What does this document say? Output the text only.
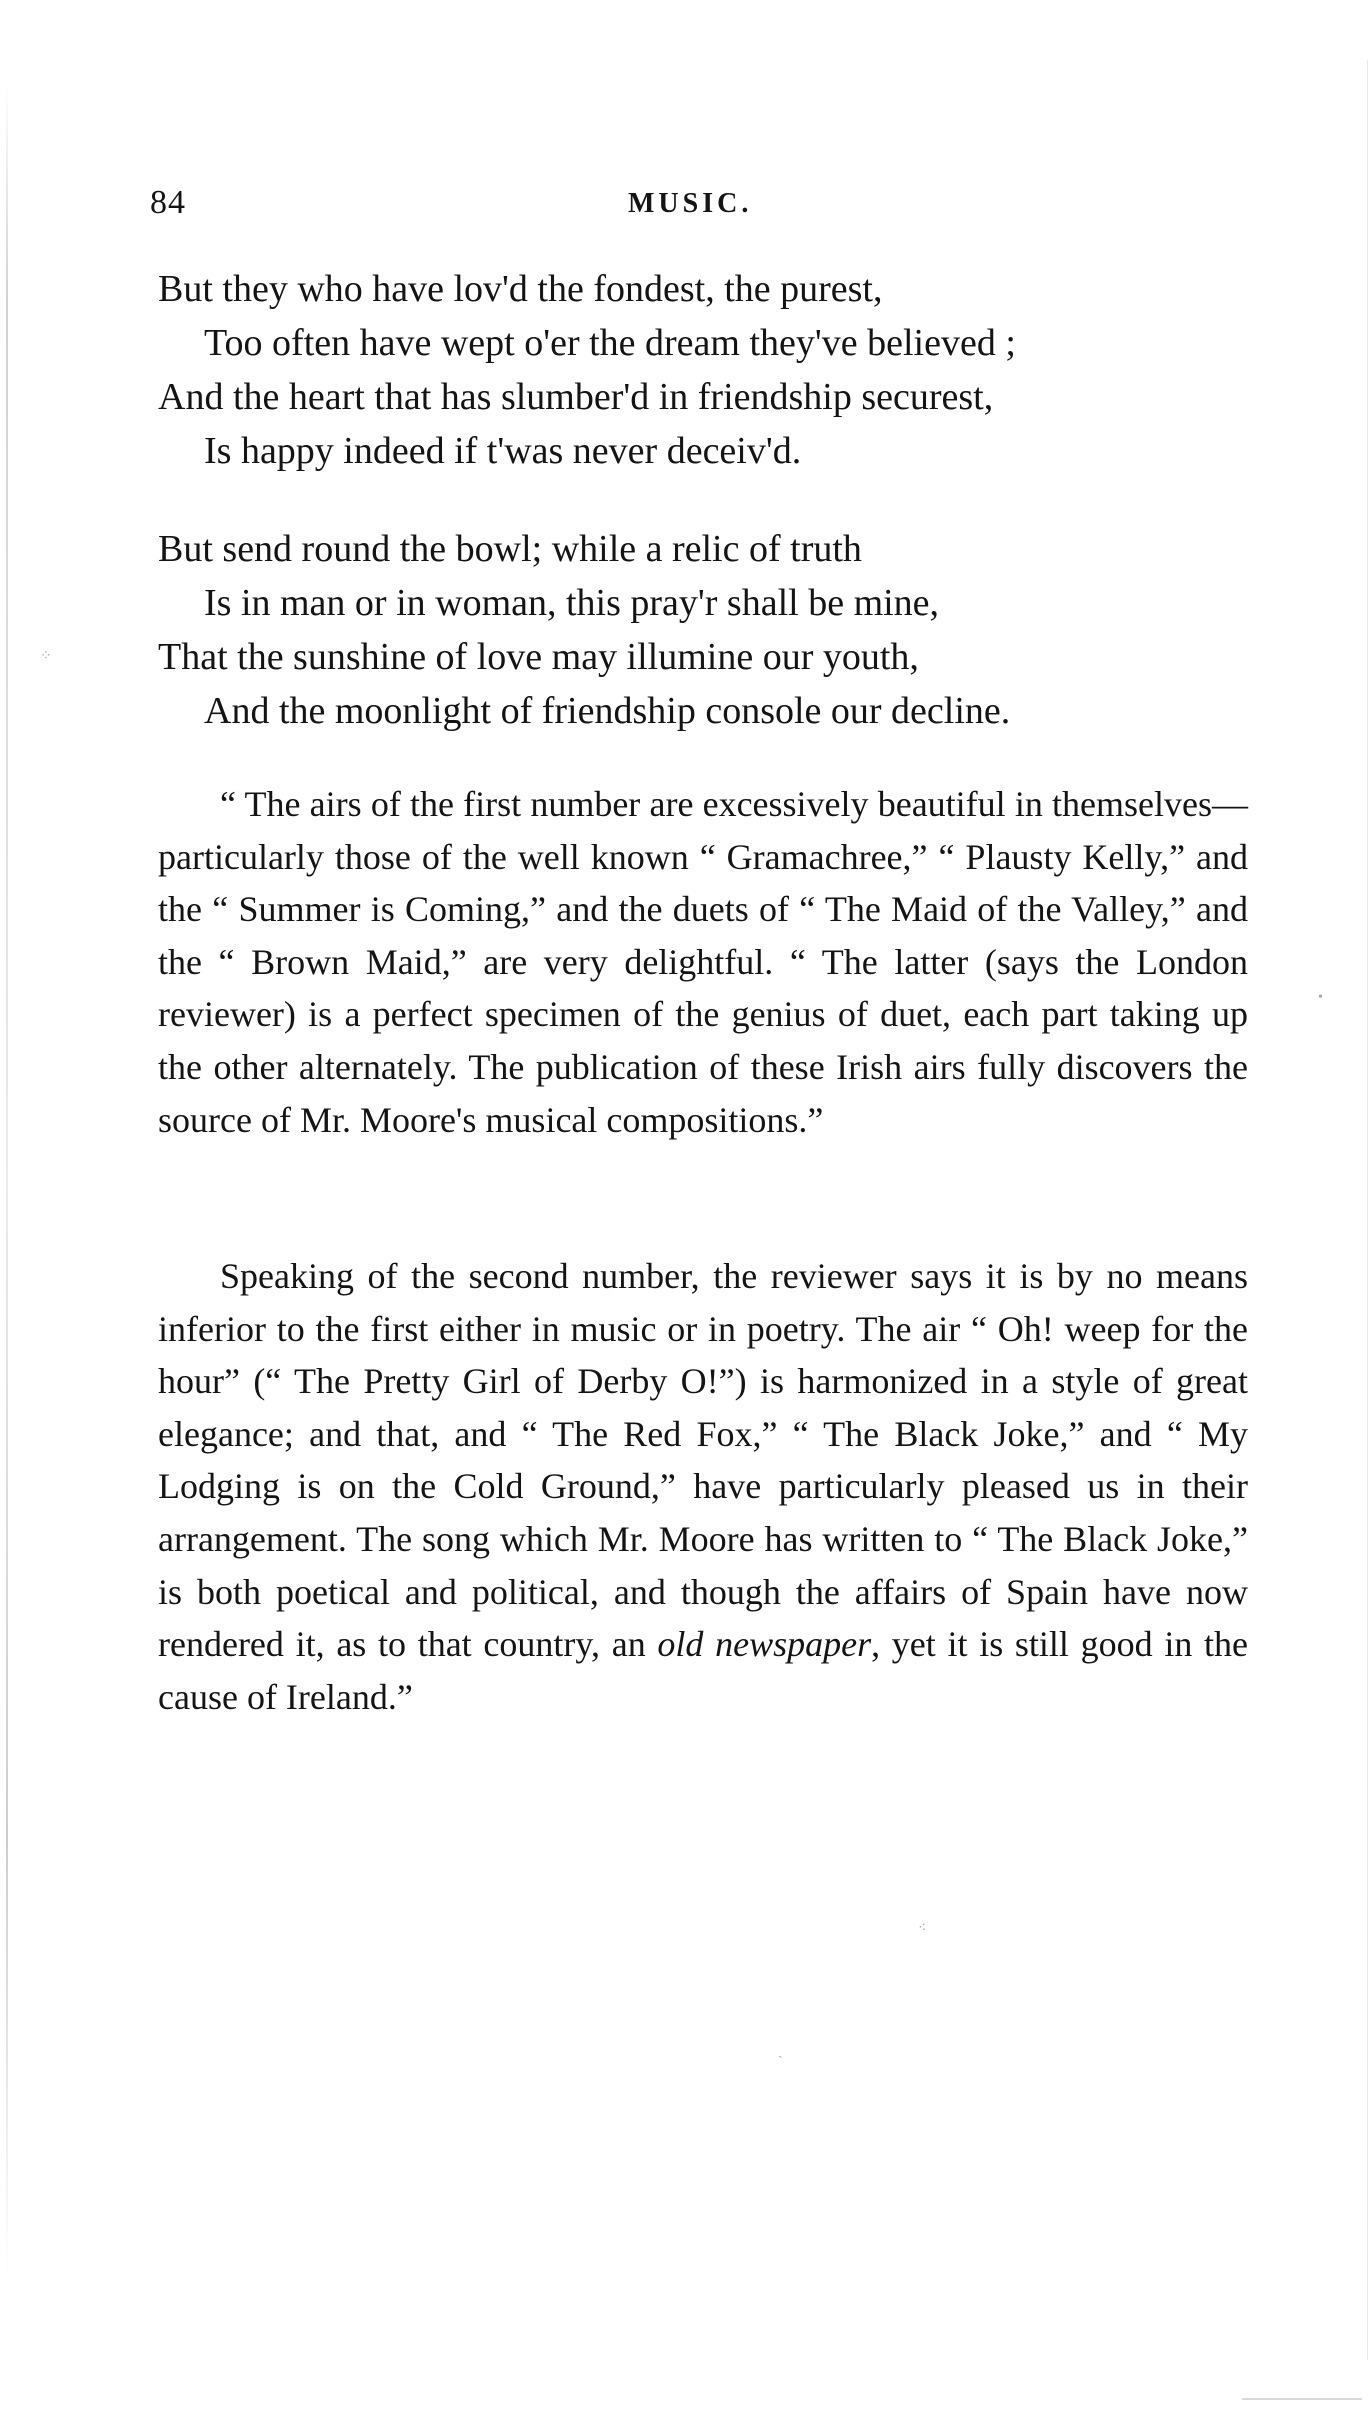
84	MUSIC.
But they who have lov'd the fondest, the purest,
Too often have wept o'er the dream they've believed ;
And the heart that has slumber'd in friendship securest,
Is happy indeed if t'was never deceiv'd.
But send round the bowl; while a relic of truth
Is in man or in woman, this pray'r shall be mine,
That the sunshine of love may illumine our youth,
And the moonlight of friendship console our decline.

“ The airs of the first number are excessively beautiful in themselves—particularly those of the well known “ Gramachree,” “ Plausty Kelly,” and the “ Summer is Coming,” and the duets of “ The Maid of the Valley,” and the “ Brown Maid,” are very delightful. “ The latter (says the London reviewer) is a perfect specimen of the genius of duet, each part taking up the other alternately. The publication of these Irish airs fully discovers the source of Mr. Moore's musical compositions.”

Speaking of the second number, the reviewer says it is by no means inferior to the first either in music or in poetry. The air “ Oh! weep for the hour” (“ The Pretty Girl of Derby O!”) is harmonized in a style of great elegance; and that, and “ The Red Fox,” “ The Black Joke,” and “ My Lodging is on the Cold Ground,” have particularly pleased us in their arrangement. The song which Mr. Moore has written to “ The Black Joke,” is both poetical and political, and though the affairs of Spain have now rendered it, as to that country, an old newspaper, yet it is still good in the cause of Ireland.”

⁘
•
⁖
ˏ
